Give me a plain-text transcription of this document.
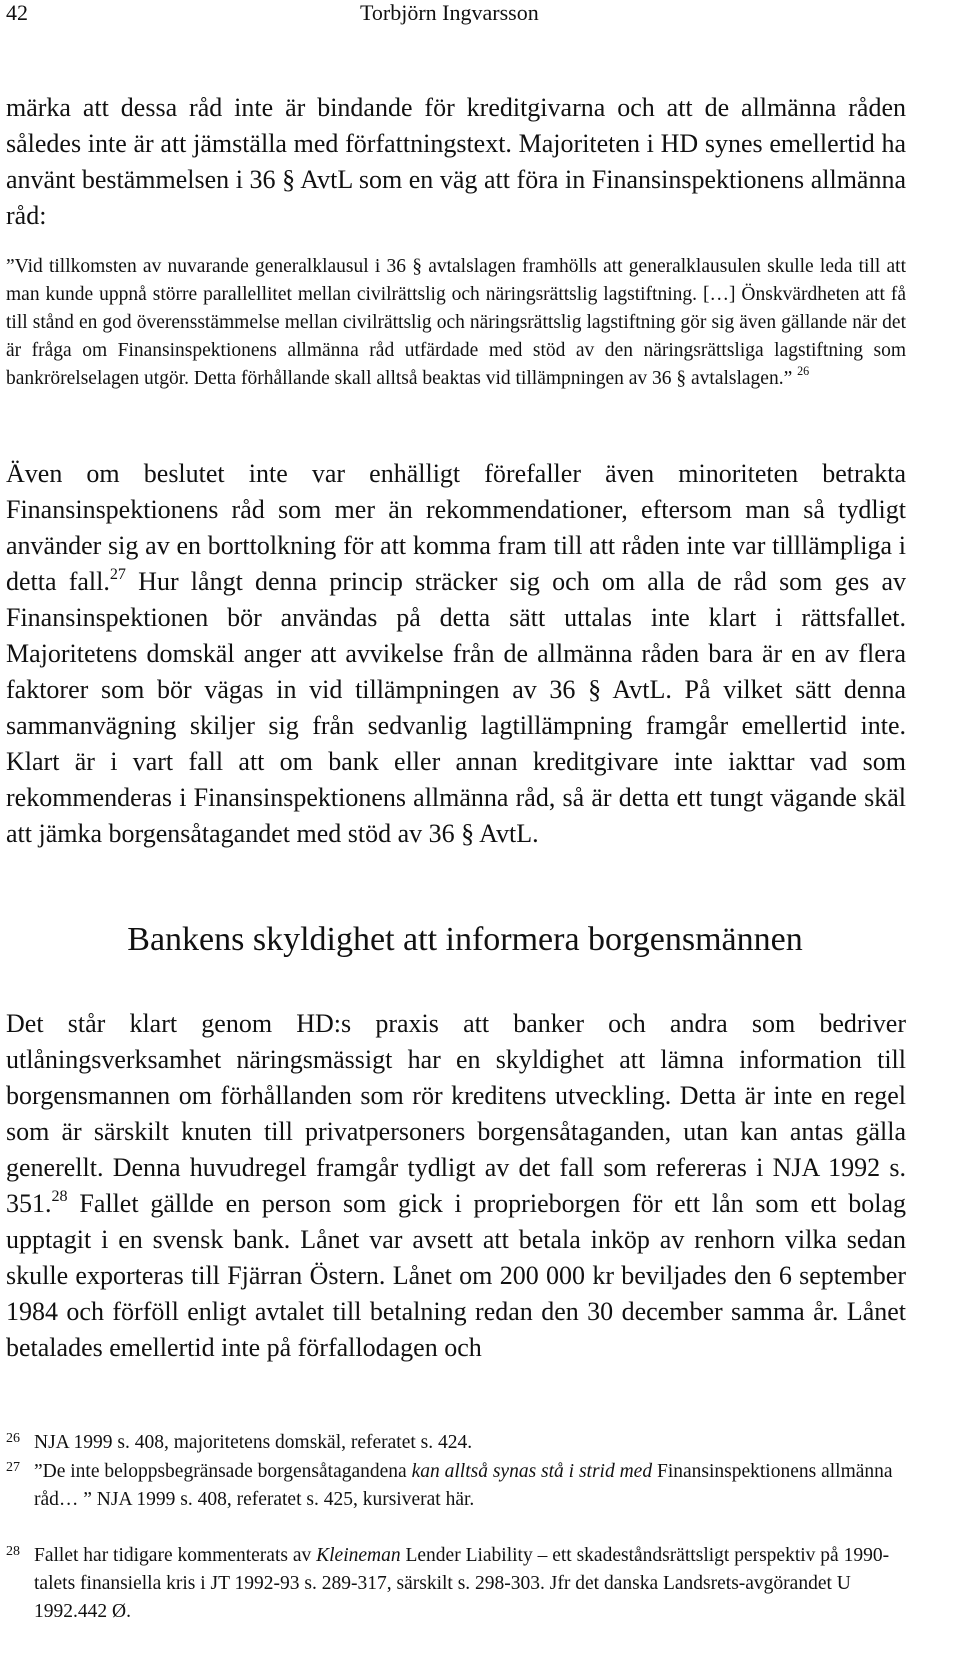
42	Torbjörn Ingvarsson

märka att dessa råd inte är bindande för kreditgivarna och att de allmänna råden således inte är att jämställa med författningstext. Majoriteten i HD synes emellertid ha använt bestämmelsen i 36 § AvtL som en väg att föra in Finansinspektionens allmänna råd:

”Vid tillkomsten av nuvarande generalklausul i 36 § avtalslagen framhölls att generalklausulen skulle leda till att man kunde uppnå större parallellitet mellan civilrättslig och näringsrättslig lagstiftning. […] Önskvärdheten att få till stånd en god överensstämmelse mellan civilrättslig och näringsrättslig lagstiftning gör sig även gällande när det är fråga om Finansinspektionens allmänna råd utfärdade med stöd av den näringsrättsliga lagstiftning som bankrörelselagen utgör. Detta förhållande skall alltså beaktas vid tillämpningen av 36 § avtalslagen.” $^{26}$

Även om beslutet inte var enhälligt förefaller även minoriteten betrakta Finansinspektionens råd som mer än rekommendationer, eftersom man så tydligt använder sig av en borttolkning för att komma fram till att råden inte var tilllämpliga i detta fall.$^{27}$ Hur långt denna princip sträcker sig och om alla de råd som ges av Finansinspektionen bör användas på detta sätt uttalas inte klart i rättsfallet. Majoritetens domskäl anger att avvikelse från de allmänna råden bara är en av flera faktorer som bör vägas in vid tillämpningen av 36 § AvtL. På vilket sätt denna sammanvägning skiljer sig från sedvanlig lagtillämpning framgår emellertid inte. Klart är i vart fall att om bank eller annan kreditgivare inte iakttar vad som rekommenderas i Finansinspektionens allmänna råd, så är detta ett tungt vägande skäl att jämka borgensåtagandet med stöd av 36 § AvtL.

Bankens skyldighet att informera borgensmännen

Det står klart genom HD:s praxis att banker och andra som bedriver utlåningsverksamhet näringsmässigt har en skyldighet att lämna information till borgensmannen om förhållanden som rör kreditens utveckling. Detta är inte en regel som är särskilt knuten till privatpersoners borgensåtaganden, utan kan antas gälla generellt. Denna huvudregel framgår tydligt av det fall som refereras i NJA 1992 s. 351.28 Fallet gällde en person som gick i proprieborgen för ett lån som ett bolag upptagit i en svensk bank. Lånet var avsett att betala inköp av renhorn vilka sedan skulle exporteras till Fjärran Östern. Lånet om 200 000 kr beviljades den 6 september 1984 och förföll enligt avtalet till betalning redan den 30 december samma år. Lånet betalades emellertid inte på förfallodagen och

26 NJA 1999 s. 408, majoritetens domskäl, referatet s. 424.

27 ”De inte beloppsbegränsade borgensåtagandena kan alltså synas stå i strid med Finansinspektionens allmänna råd… ” NJA 1999 s. 408, referatet s. 425, kursiverat här.

28 Fallet har tidigare kommenterats av Kleineman Lender Liability – ett skadeståndsrättsligt perspektiv på 1990-talets finansiella kris i JT 1992-93 s. 289-317, särskilt s. 298-303. Jfr det danska Landsrets-avgörandet U 1992.442 Ø.
